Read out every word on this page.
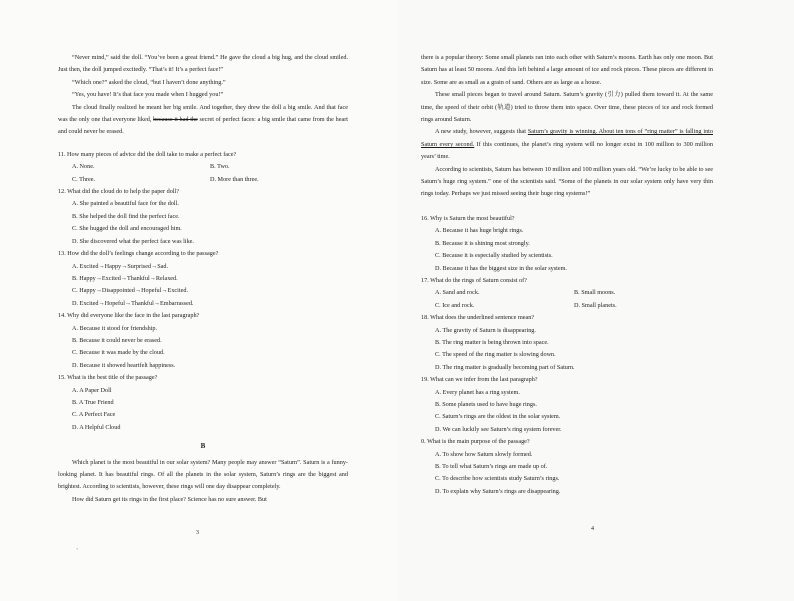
“Never mind,” said the doll. “You’ve been a great friend.” He gave the cloud a big hug, and the cloud smiled. Just then, the doll jumped excitedly. “That’s it! It’s a perfect face!”

“Which one?” asked the cloud, “but I haven’t done anything.”

“Yes, you have! It’s that face you made when I hugged you!”

The cloud finally realized he meant her big smile. And together, they drew the doll a big smile. And that face was the only one that everyone liked, because it had the secret of perfect faces: a big smile that came from the heart and could never be erased.

11. How many pieces of advice did the doll take to make a perfect face?
A. None.	B. Two.
C. Three.	D. More than three.
12. What did the cloud do to help the paper doll?
A. She painted a beautiful face for the doll.
B. She helped the doll find the perfect face.
C. She hugged the doll and encouraged him.
D. She discovered what the perfect face was like.
13. How did the doll’s feelings change according to the passage?
A. Excited→Happy→Surprised→Sad.
B. Happy→Excited→Thankful→Relaxed.
C. Happy→Disappointed→Hopeful→Excited.
D. Excited→Hopeful→Thankful→Embarrassed.
14. Why did everyone like the face in the last paragraph?
A. Because it stood for friendship.
B. Because it could never be erased.
C. Because it was made by the cloud.
D. Because it showed heartfelt happiness.
15. What is the best title of the passage?
A. A Paper Doll
B. A True Friend
C. A Perfect Face
D. A Helpful Cloud
B

Which planet is the most beautiful in our solar system? Many people may answer “Saturn”. Saturn is a funny-looking planet. It has beautiful rings. Of all the planets in the solar system, Saturn’s rings are the biggest and brightest. According to scientists, however, these rings will one day disappear completely.

How did Saturn get its rings in the first place? Science has no sure answer. But

3
ˎ

there is a popular theory: Some small planets ran into each other with Saturn’s moons. Earth has only one moon. But Saturn has at least 50 moons. And this left behind a large amount of ice and rock pieces. These pieces are different in size. Some are as small as a grain of sand. Others are as large as a house.

These small pieces began to travel around Saturn. Saturn’s gravity (引力) pulled them toward it. At the same time, the speed of their orbit (轨道) tried to throw them into space. Over time, these pieces of ice and rock formed rings around Saturn.

A new study, however, suggests that Saturn’s gravity is winning. About ten tons of “ring matter” is falling into Saturn every second. If this continues, the planet’s ring system will no longer exist in 100 million to 300 million years’ time.

According to scientists, Saturn has between 10 million and 100 million years old. “We’re lucky to be able to see Saturn’s huge ring system.” one of the scientists said. “Some of the planets in our solar system only have very thin rings today. Perhaps we just missed seeing their huge ring systems!”

16. Why is Saturn the most beautiful?
A. Because it has huge bright rings.
B. Because it is shining most strongly.
C. Because it is especially studied by scientists.
D. Because it has the biggest size in the solar system.
17. What do the rings of Saturn consist of?
A. Sand and rock.	B. Small moons.
C. Ice and rock.	D. Small planets.
18. What does the underlined sentence mean?
A. The gravity of Saturn is disappearing.
B. The ring matter is being thrown into space.
C. The speed of the ring matter is slowing down.
D. The ring matter is gradually becoming part of Saturn.
19. What can we infer from the last paragraph?
A. Every planet has a ring system.
B. Some planets used to have huge rings.
C. Saturn’s rings are the oldest in the solar system.
D. We can luckily see Saturn’s ring system forever.
0. What is the main purpose of the passage?
A. To show how Saturn slowly formed.
B. To tell what Saturn’s rings are made up of.
C. To describe how scientists study Saturn’s rings.
D. To explain why Saturn’s rings are disappearing.
4
